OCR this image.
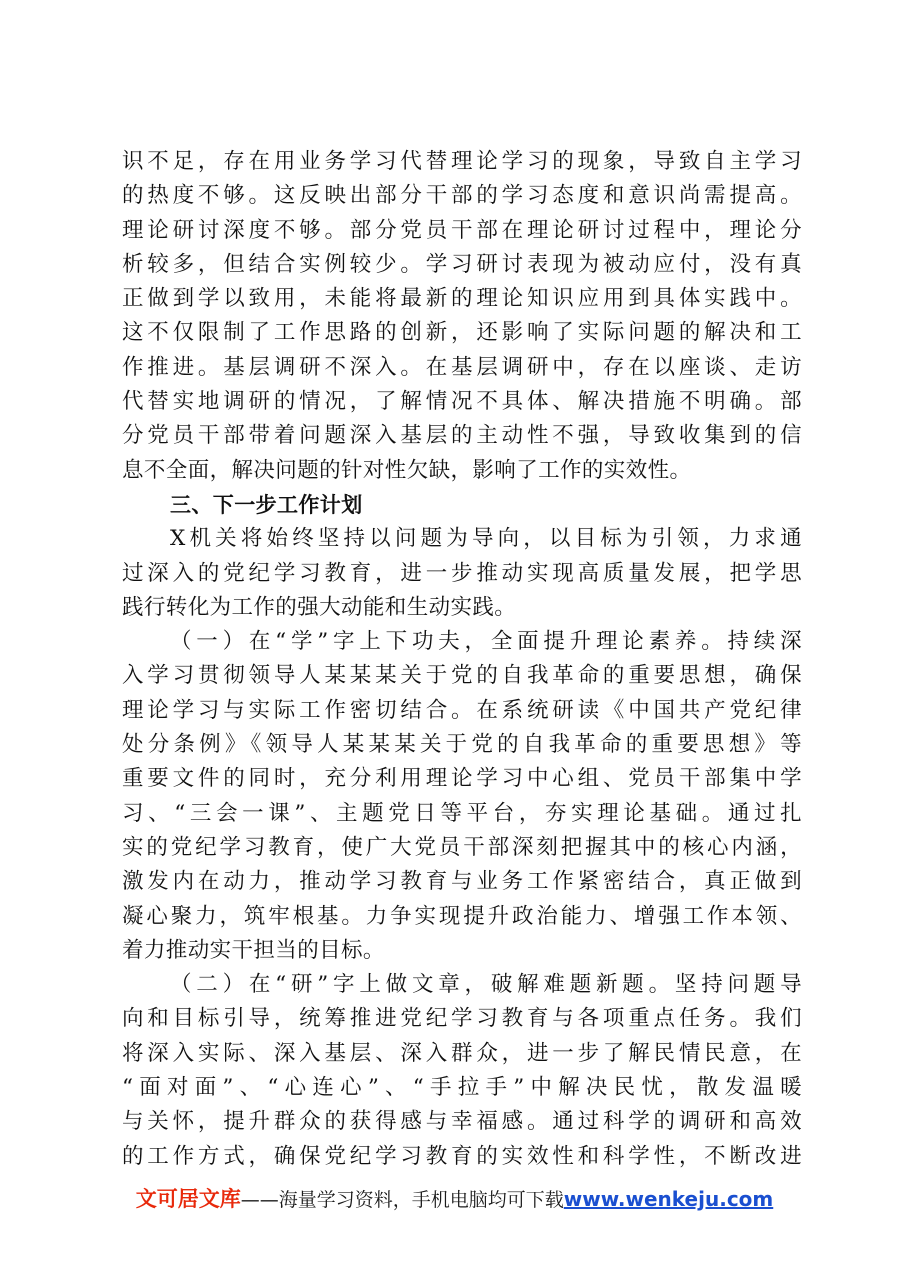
识不足，存在用业务学习代替理论学习的现象，导致自主学习
的热度不够。这反映出部分干部的学习态度和意识尚需提高。
理论研讨深度不够。部分党员干部在理论研讨过程中，理论分
析较多，但结合实例较少。学习研讨表现为被动应付，没有真
正做到学以致用，未能将最新的理论知识应用到具体实践中。
这不仅限制了工作思路的创新，还影响了实际问题的解决和工
作推进。基层调研不深入。在基层调研中，存在以座谈、走访
代替实地调研的情况，了解情况不具体、解决措施不明确。部
分党员干部带着问题深入基层的主动性不强，导致收集到的信
息不全面，解决问题的针对性欠缺，影响了工作的实效性。
三、下一步工作计划
X机关将始终坚持以问题为导向，以目标为引领，力求通
过深入的党纪学习教育，进一步推动实现高质量发展，把学思
践行转化为工作的强大动能和生动实践。
（一）在“学”字上下功夫，全面提升理论素养。持续深
入学习贯彻领导人某某某关于党的自我革命的重要思想，确保
理论学习与实际工作密切结合。在系统研读《中国共产党纪律
处分条例》《领导人某某某关于党的自我革命的重要思想》等
重要文件的同时，充分利用理论学习中心组、党员干部集中学
习、“三会一课”、主题党日等平台，夯实理论基础。通过扎
实的党纪学习教育，使广大党员干部深刻把握其中的核心内涵，
激发内在动力，推动学习教育与业务工作紧密结合，真正做到
凝心聚力，筑牢根基。力争实现提升政治能力、增强工作本领、
着力推动实干担当的目标。
（二）在“研”字上做文章，破解难题新题。坚持问题导
向和目标引导，统筹推进党纪学习教育与各项重点任务。我们
将深入实际、深入基层、深入群众，进一步了解民情民意，在
“面对面”、“心连心”、“手拉手”中解决民忧，散发温暖
与关怀，提升群众的获得感与幸福感。通过科学的调研和高效
的工作方式，确保党纪学习教育的实效性和科学性，不断改进
文可居文库——海量学习资料，手机电脑均可下载www.wenkeju.com
